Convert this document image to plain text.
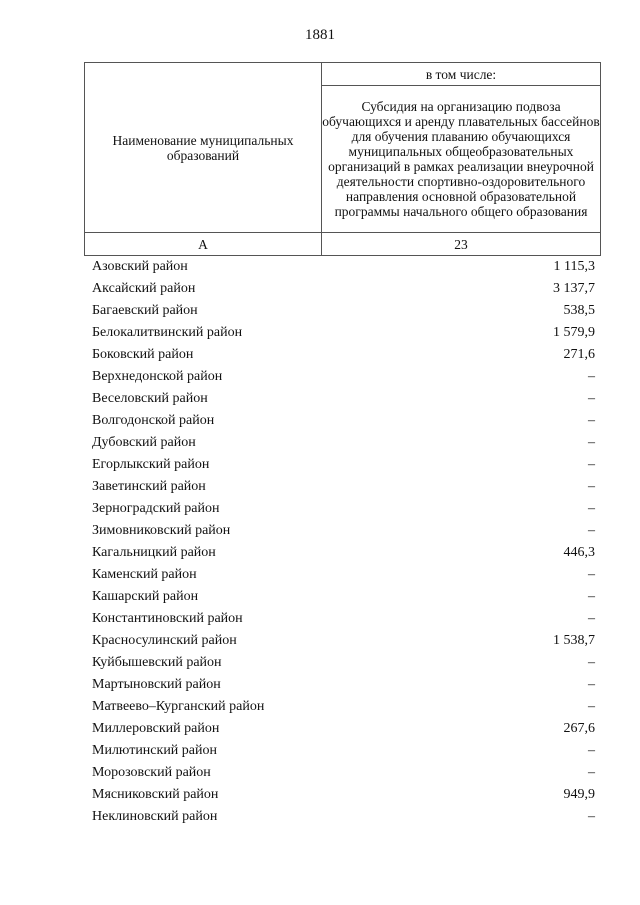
1881
Наименование муниципальных образований	в том числе:
	Субсидия на организацию подвоза обучающихся и аренду плавательных бассейнов для обучения плаванию обучающихся муниципальных общеобразовательных организаций в рамках реализации внеурочной деятельности спортивно-оздоровительного направления основной образовательной программы начального общего образования
А	23
Азовский район	1 115,3
Аксайский район	3 137,7
Багаевский район	538,5
Белокалитвинский район	1 579,9
Боковский район	271,6
Верхнедонской район	–
Веселовский район	–
Волгодонской район	–
Дубовский район	–
Егорлыкский район	–
Заветинский район	–
Зерноградский район	–
Зимовниковский район	–
Кагальницкий район	446,3
Каменский район	–
Кашарский район	–
Константиновский район	–
Красносулинский район	1 538,7
Куйбышевский район	–
Мартыновский район	–
Матвеево–Курганский район	–
Миллеровский район	267,6
Милютинский район	–
Морозовский район	–
Мясниковский район	949,9
Неклиновский район	–
